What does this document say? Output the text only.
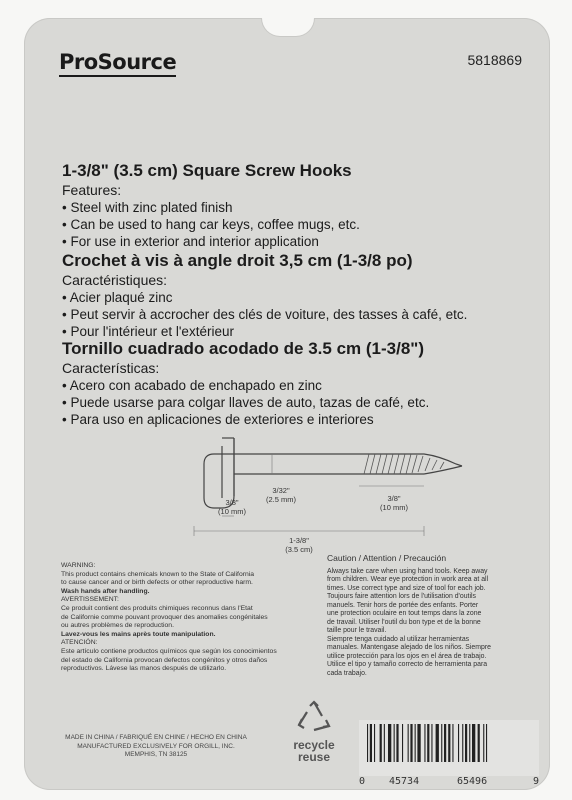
ProSource	5818869

1-3/8" (3.5 cm) Square Screw Hooks

Features:

• Steel with zinc plated finish

• Can be used to hang car keys, coffee mugs, etc.

• For use in exterior and interior application

Crochet à vis à angle droit 3,5 cm (1-3/8 po)

Caractéristiques:

• Acier plaqué zinc

• Peut servir à accrocher des clés de voiture, des tasses à café, etc.

• Pour l'intérieur et l'extérieur

Tornillo cuadrado acodado de 3.5 cm (1-3/8")

Características:

• Acero con acabado de enchapado en zinc

• Puede usarse para colgar llaves de auto, tazas de café, etc.

• Para uso en aplicaciones de exteriores e interiores

3/8"
(10 mm)
3/32"
(2.5 mm)	3/8"
(10 mm)
1-3/8"
(3.5 cm)

WARNING:

This product contains chemicals known to the State of California

to cause cancer and or birth defects or other reproductive harm.

Wash hands after handling.

AVERTISSEMENT:

Ce produit contient des produits chimiques reconnus dans l'Etat

de Californie comme pouvant provoquer des anomalies congénitales

ou autres problèmes de reproduction.

Lavez-vous les mains après toute manipulation.

ATENCIÓN:

Este artículo contiene productos químicos que según los conocimientos

del estado de California provocan defectos congénitos y otros daños

reproductivos. Lávese las manos después de utilizarlo.

Caution / Attention / Precaución

Always take care when using hand tools. Keep away

from children. Wear eye protection in work area at all

times. Use correct type and size of tool for each job.

Toujours faire attention lors de l'utilisation d'outils

manuels. Tenir hors de portée des enfants. Porter

une protection oculaire en tout temps dans la zone

de travail. Utiliser l'outil du bon type et de la bonne

taille pour le travail.

Siempre tenga cuidado al utilizar herramientas

manuales. Mantengase alejado de los niños. Siempre

utilice protección para los ojos en el área de trabajo.

Utilice el tipo y tamaño correcto de herramienta para

cada trabajo.

MADE IN CHINA / FABRIQUÉ EN CHINE / HECHO EN CHINA
MANUFACTURED EXCLUSIVELY FOR ORGILL, INC.
MEMPHIS, TN 38125
recycle
reuse
0 45734	65496	9
